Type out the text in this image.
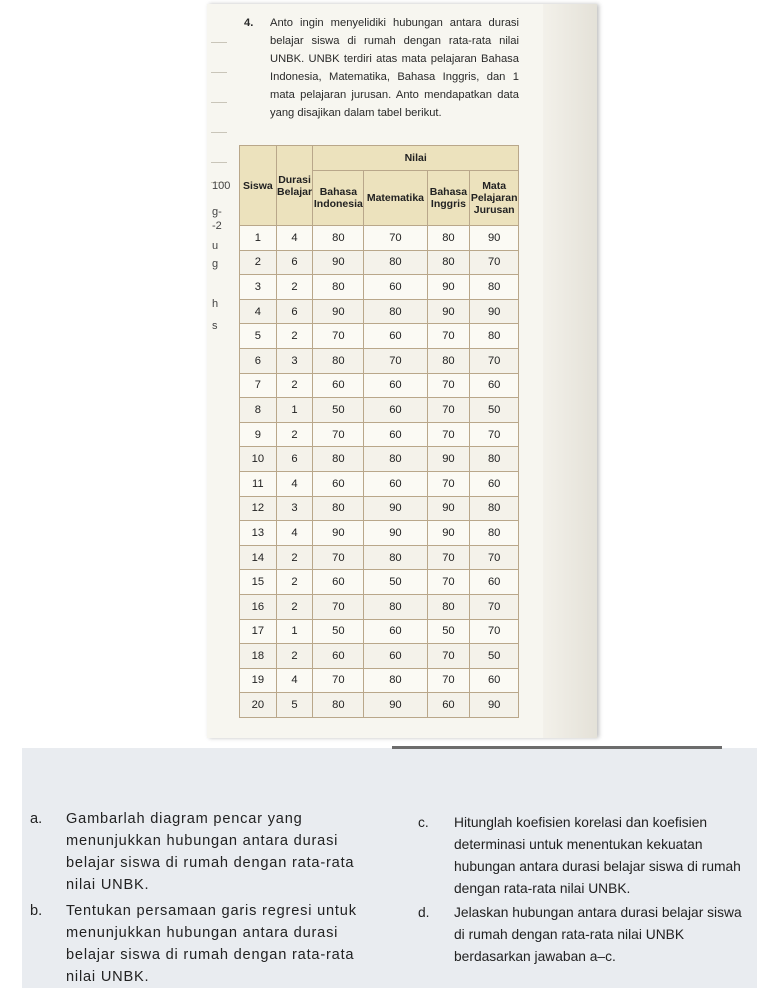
100
g-
-2
u
g
h
s
4.	Anto ingin menyelidiki hubungan antara durasi belajar siswa di rumah dengan rata-rata nilai UNBK. UNBK terdiri atas mata pelajaran Bahasa Indonesia, Matematika, Bahasa Inggris, dan 1 mata pelajaran jurusan. Anto mendapatkan data yang disajikan dalam tabel berikut.
Siswa	Durasi Belajar	Nilai			
		Bahasa Indonesia	Matematika	Bahasa Inggris	Mata Pelajaran Jurusan
1	4	80	70	80	90
2	6	90	80	80	70
3	2	80	60	90	80
4	6	90	80	90	90
5	2	70	60	70	80
6	3	80	70	80	70
7	2	60	60	70	60
8	1	50	60	70	50
9	2	70	60	70	70
10	6	80	80	90	80
11	4	60	60	70	60
12	3	80	90	90	80
13	4	90	90	90	80
14	2	70	80	70	70
15	2	60	50	70	60
16	2	70	80	80	70
17	1	50	60	50	70
18	2	60	60	70	50
19	4	70	80	70	60
20	5	80	90	60	90
a.	Gambarlah diagram pencar yang menunjukkan hubungan antara durasi belajar siswa di rumah dengan rata-rata nilai UNBK.
b.	Tentukan persamaan garis regresi untuk menunjukkan hubungan antara durasi belajar siswa di rumah dengan rata-rata nilai UNBK.
c.	Hitunglah koefisien korelasi dan koefisien determinasi untuk menentukan kekuatan hubungan antara durasi belajar siswa di rumah dengan rata-rata nilai UNBK.
d.	Jelaskan hubungan antara durasi belajar siswa di rumah dengan rata-rata nilai UNBK berdasarkan jawaban a–c.
